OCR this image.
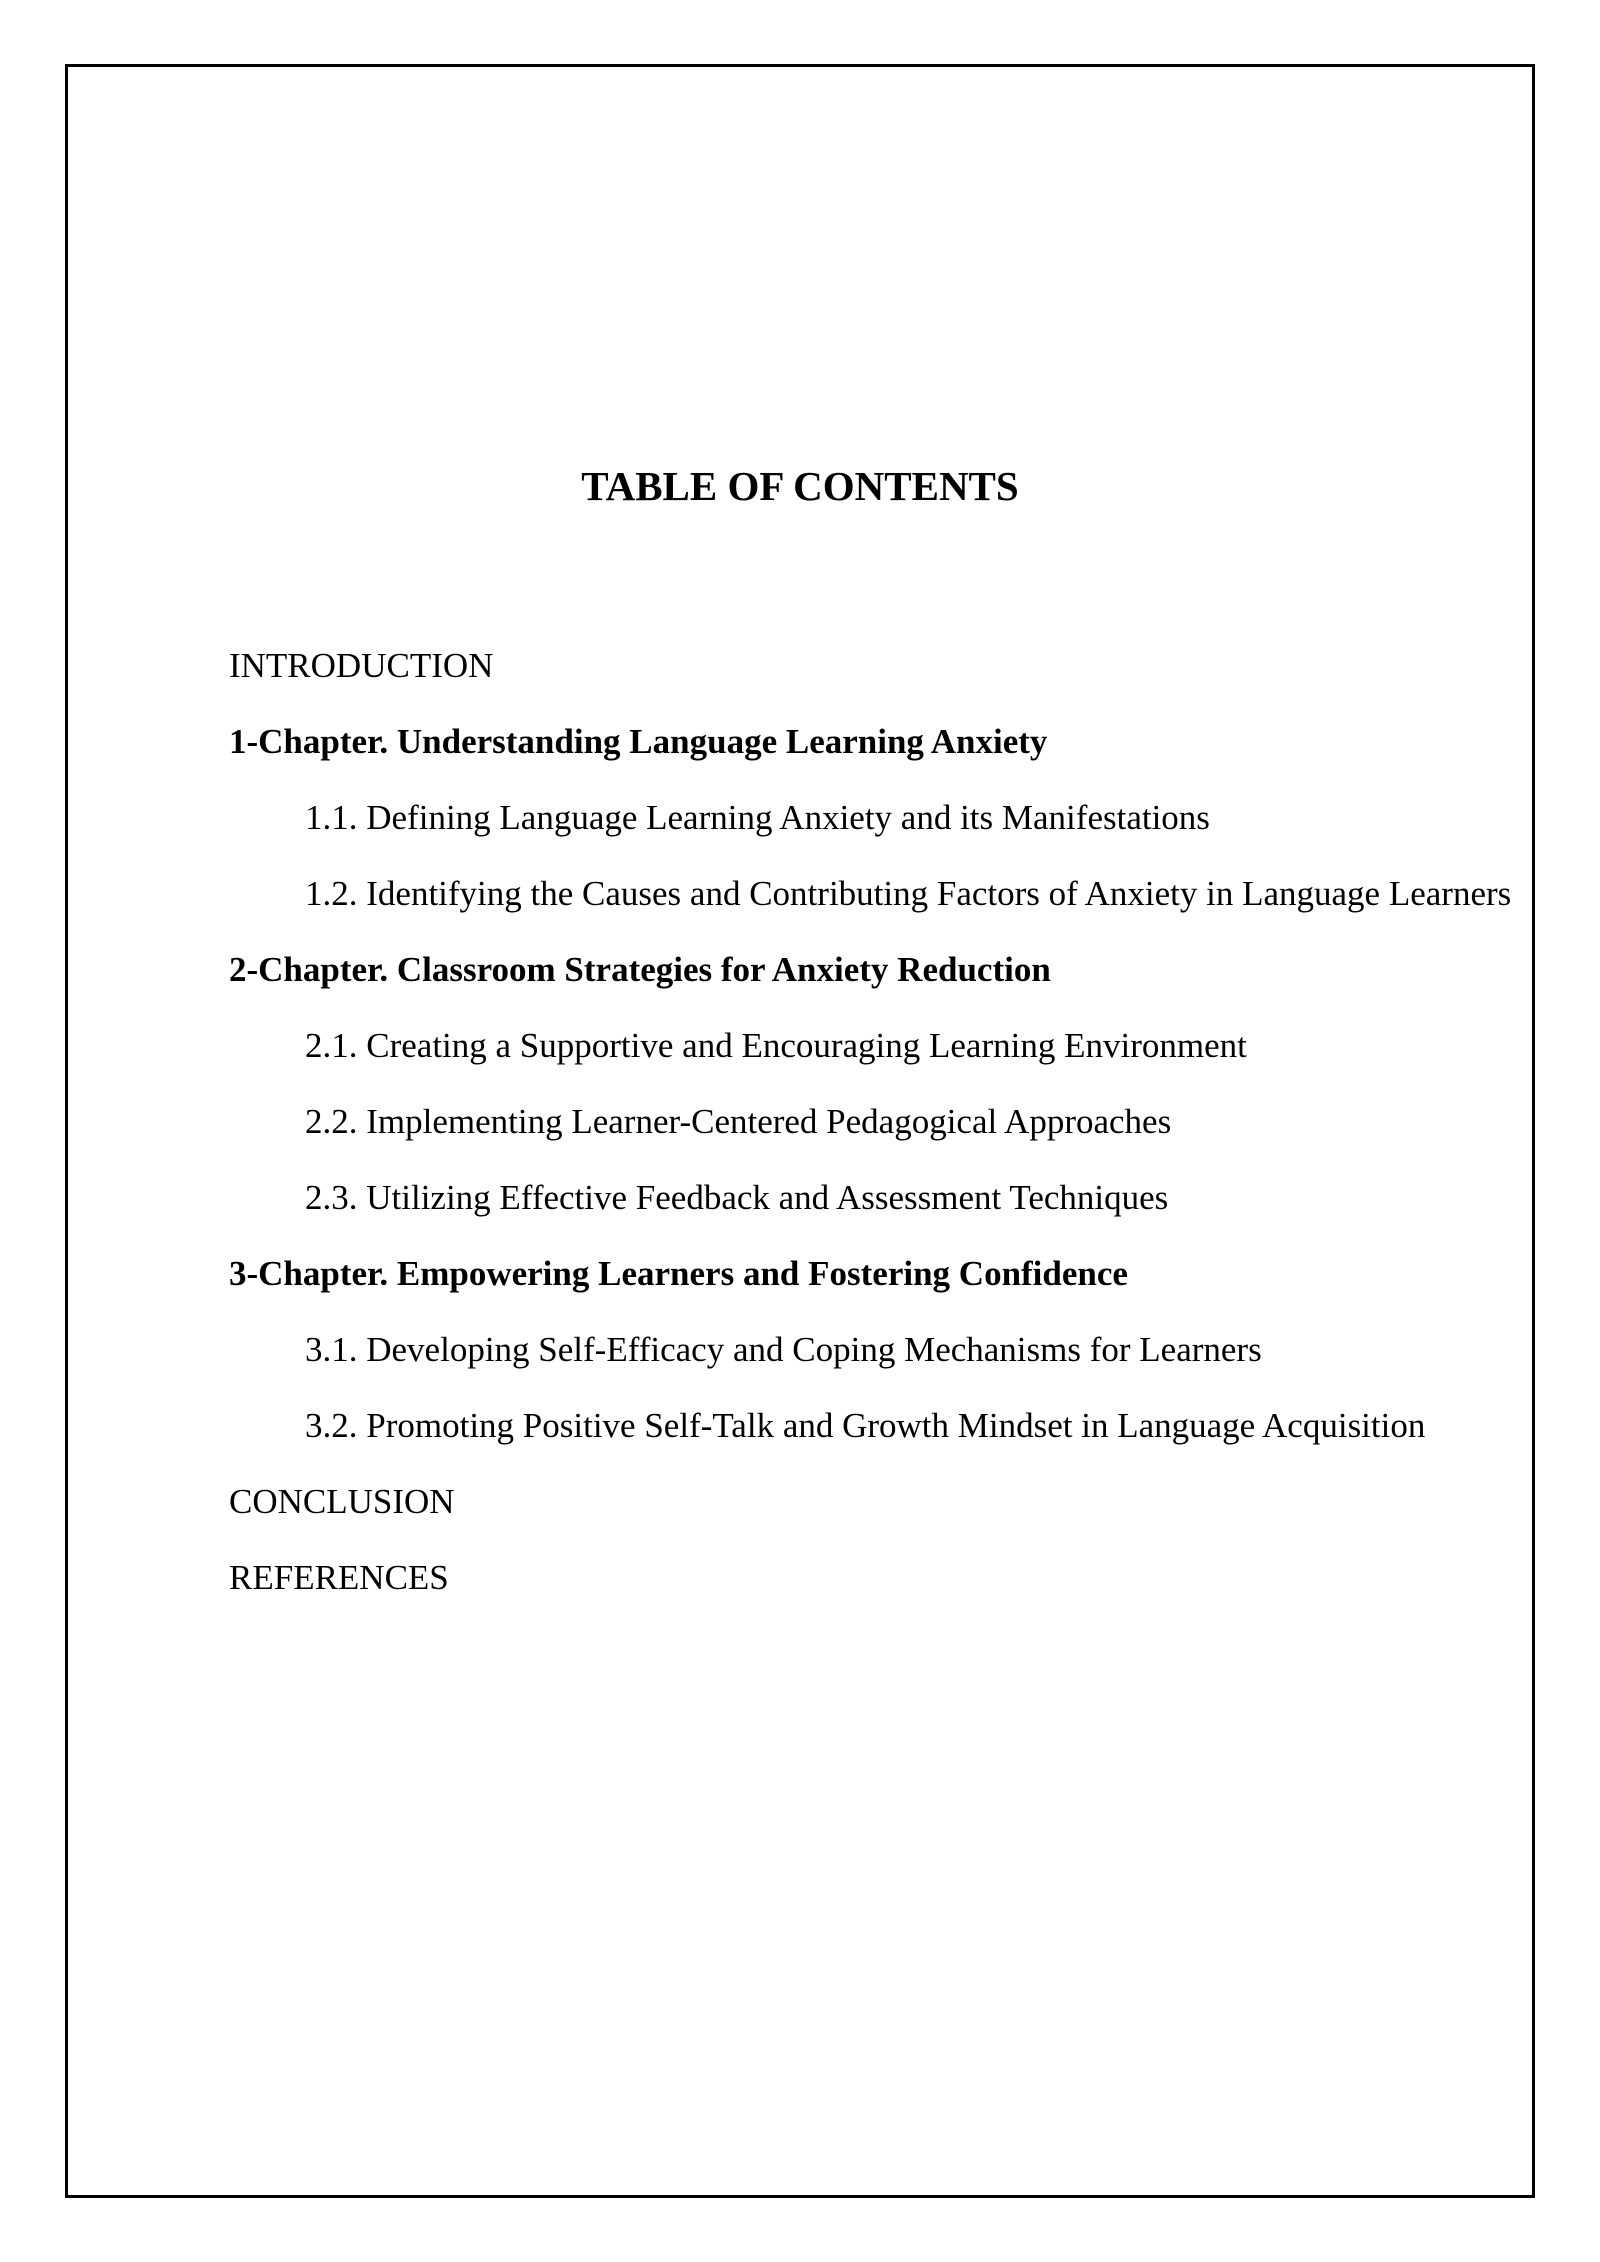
TABLE OF CONTENTS
INTRODUCTION
1-Chapter. Understanding Language Learning Anxiety
1.1. Defining Language Learning Anxiety and its Manifestations
1.2. Identifying the Causes and Contributing Factors of Anxiety in Language Learners
2-Chapter. Classroom Strategies for Anxiety Reduction
2.1. Creating a Supportive and Encouraging Learning Environment
2.2. Implementing Learner-Centered Pedagogical Approaches
2.3. Utilizing Effective Feedback and Assessment Techniques
3-Chapter. Empowering Learners and Fostering Confidence
3.1. Developing Self-Efficacy and Coping Mechanisms for Learners
3.2. Promoting Positive Self-Talk and Growth Mindset in Language Acquisition
CONCLUSION
REFERENCES
